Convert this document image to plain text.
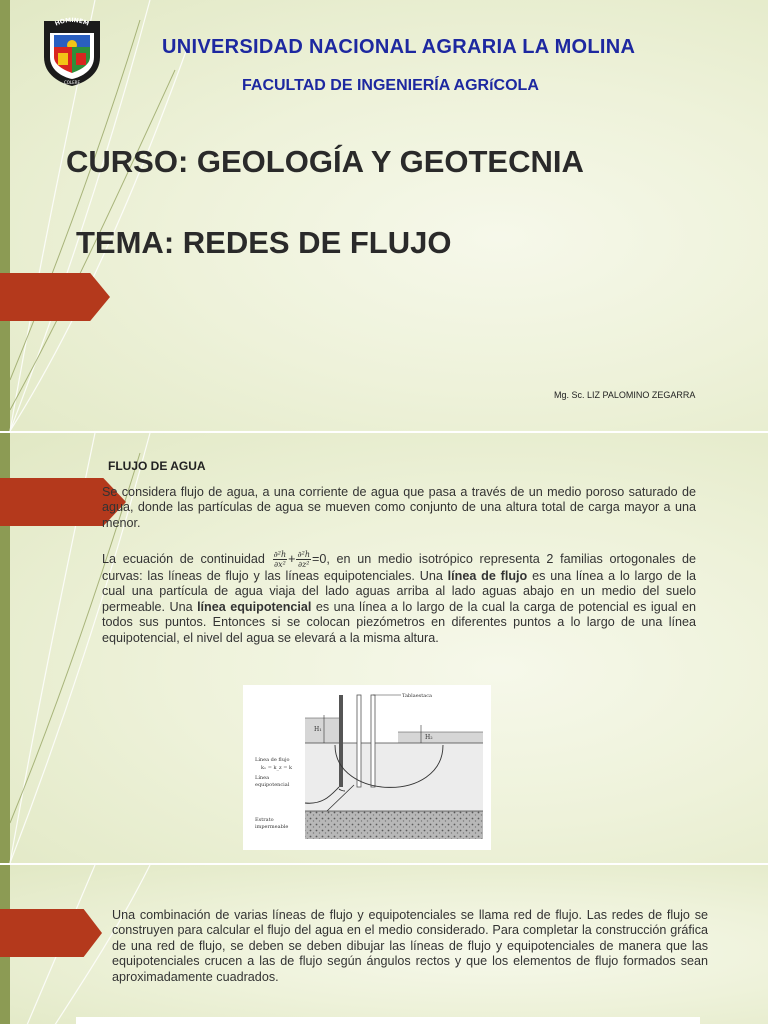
HOMINEM
COLERE

UNIVERSIDAD NACIONAL AGRARIA LA MOLINA

FACULTAD DE INGENIERÍA AGRíCOLA

CURSO: GEOLOGÍA Y GEOTECNIA

TEMA: REDES DE FLUJO

Mg. Sc. LIZ PALOMINO ZEGARRA

FLUJO DE AGUA

Se considera flujo de agua, a una corriente de agua que pasa a través de un medio poroso saturado de agua, donde las partículas de agua se mueven como conjunto de una altura total de carga mayor a una menor.

La ecuación de continuidad $\frac{\text{∂²h}}{\text{∂x²}} + \frac{\text{∂²h}}{\text{∂z²}} =0$, en un medio isotrópico representa 2 familias ortogonales de curvas: las líneas de flujo y las líneas equipotenciales. Una línea de flujo es una línea a lo largo de la cual una partícula de agua viaja del lado aguas arriba al lado aguas abajo en un medio del suelo permeable. Una línea equipotencial es una línea a lo largo de la cual la carga de potencial es igual en todos sus puntos. Entonces si se colocan piezómetros en diferentes puntos a lo largo de una línea equipotencial, el nivel del agua se elevará a la misma altura.

Tablaestaca
H₁
H₂
Línea de flujo
kₓ = k_z = k
Línea
equipotencial
Estrato
impermeable

Una combinación de varias líneas de flujo y equipotenciales se llama red de flujo. Las redes de flujo se construyen para calcular el flujo del agua en el medio considerado. Para completar la construcción gráfica de una red de flujo, se deben se deben dibujar las líneas de flujo y equipotenciales de manera que las equipotenciales crucen a las de flujo según ángulos rectos y que los elementos de flujo formados sean aproximadamente cuadrados.
